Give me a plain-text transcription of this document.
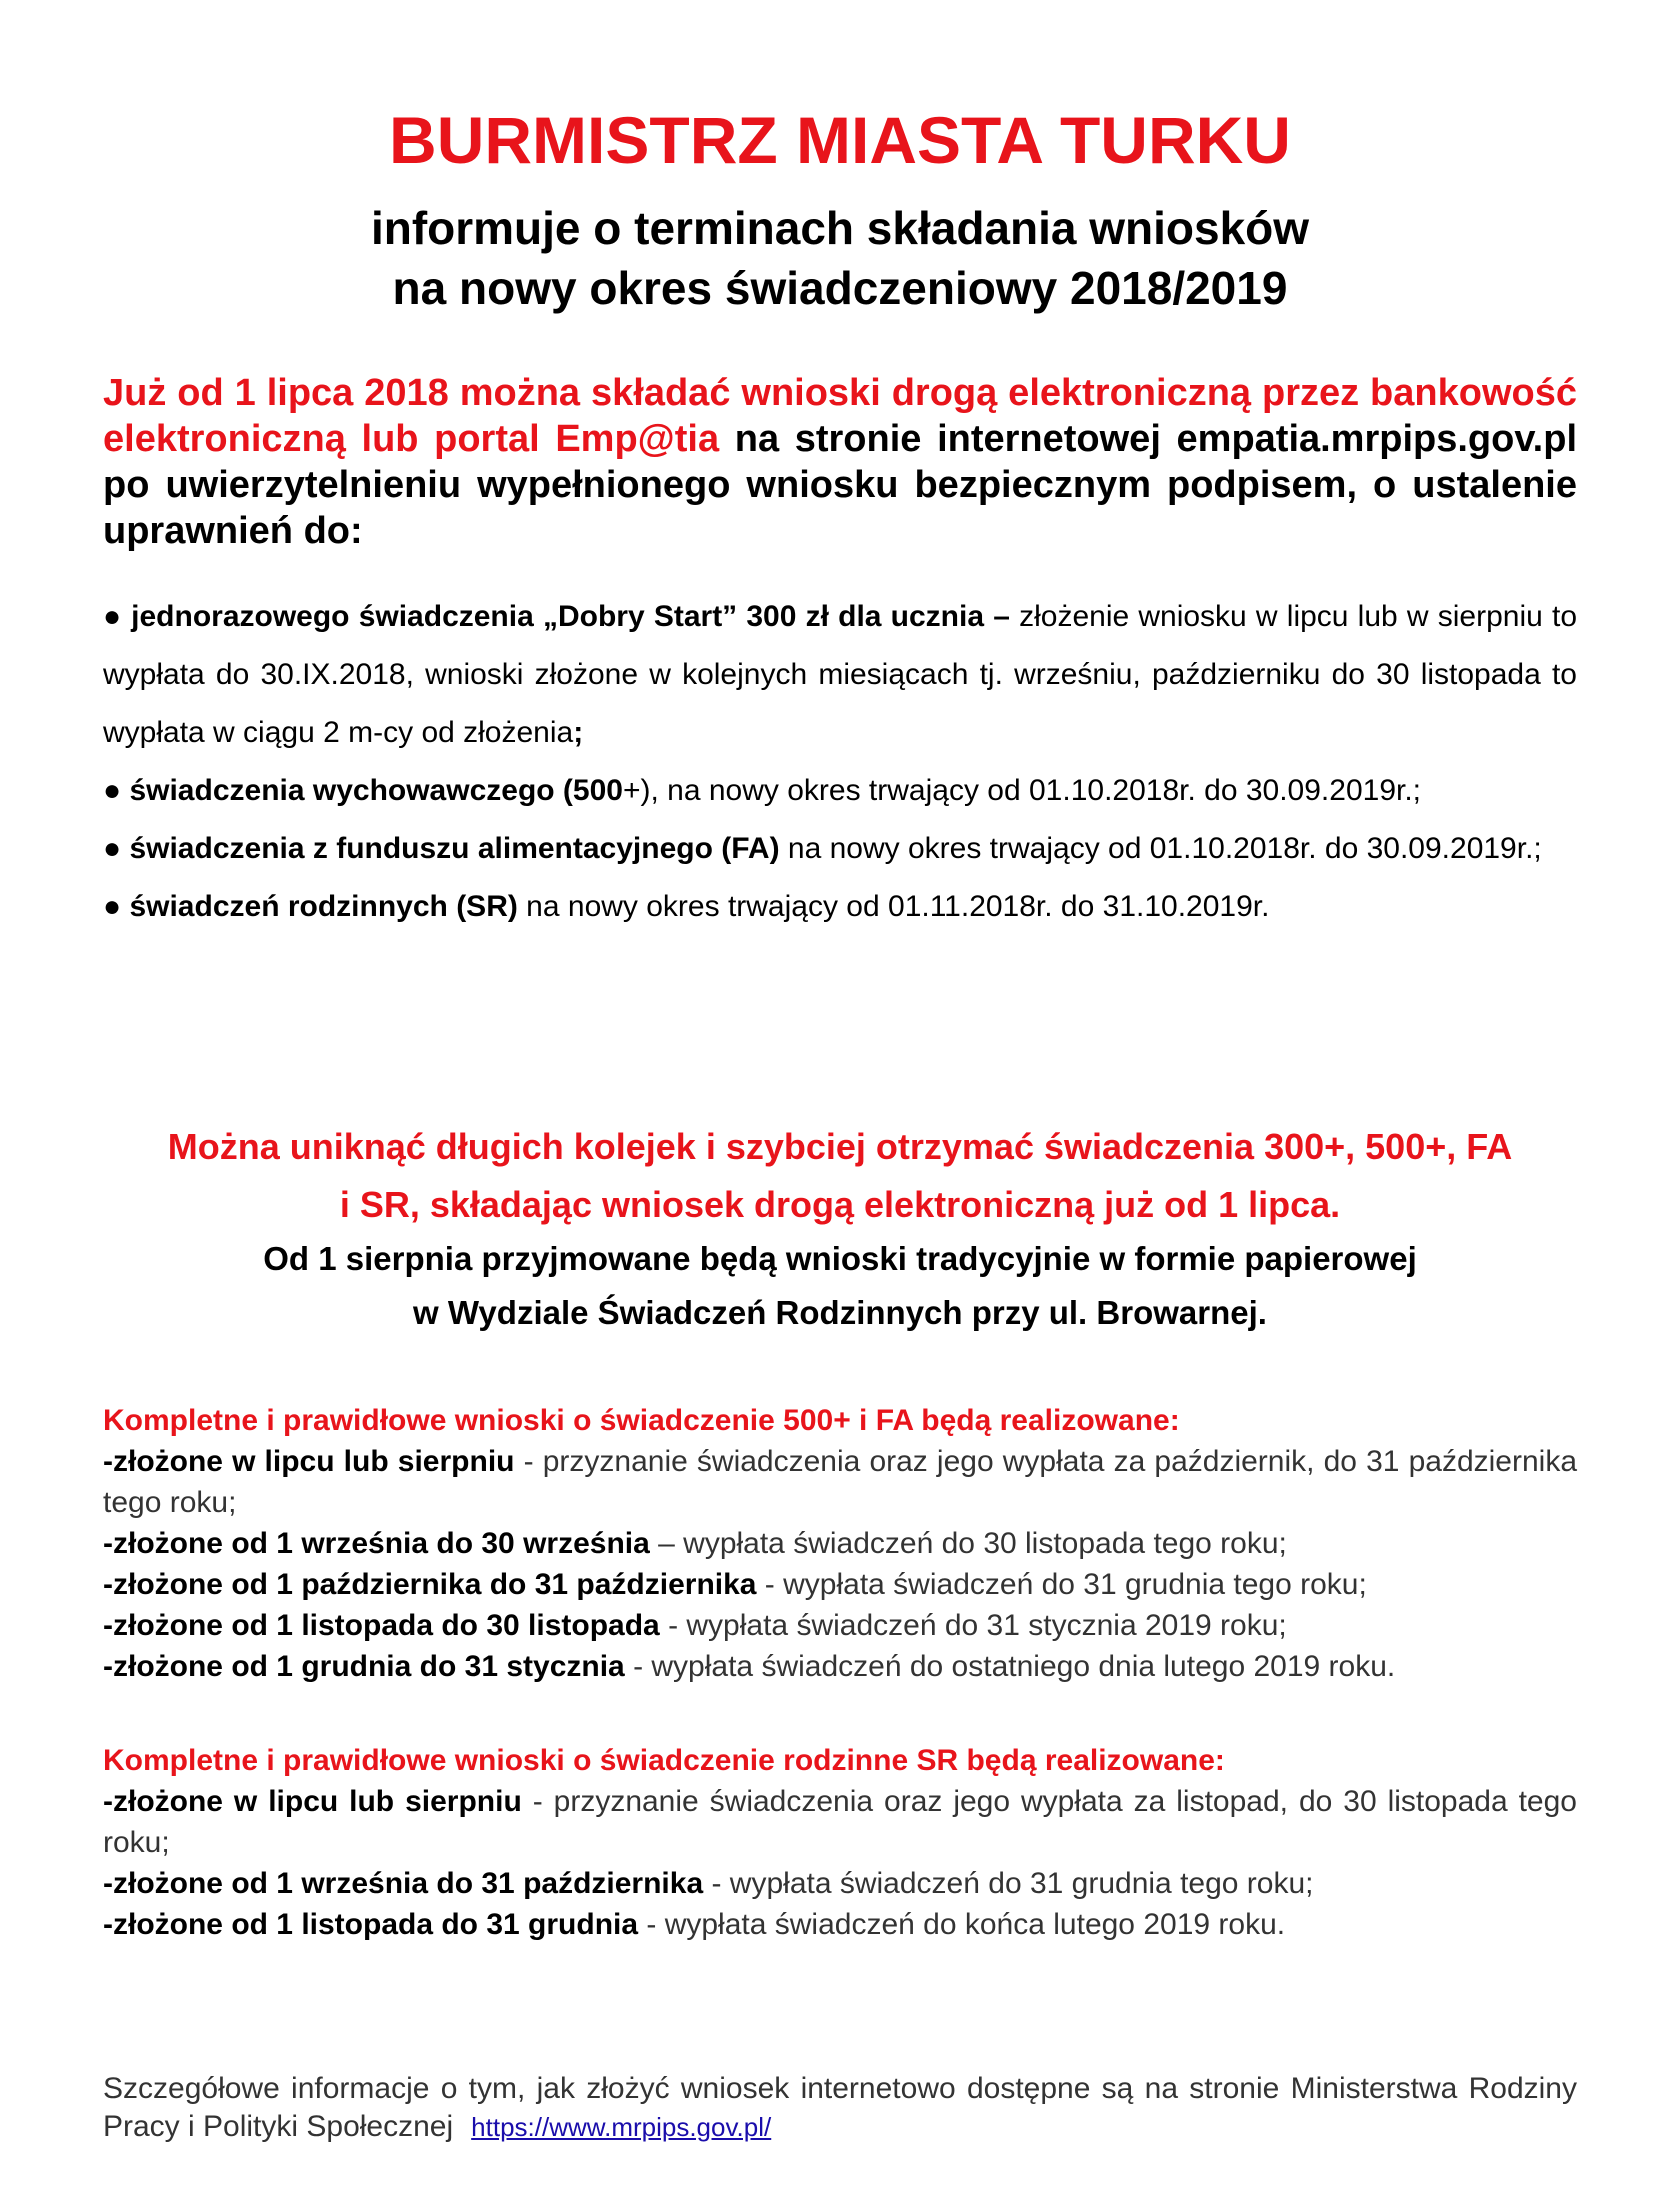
BURMISTRZ MIASTA TURKU
informuje o terminach składania wniosków
na nowy okres świadczeniowy 2018/2019
Już od 1 lipca 2018 można składać wnioski drogą elektroniczną przez bankowość elektroniczną lub portal Emp@tia na stronie internetowej empatia.mrpips.gov.pl po uwierzytelnieniu wypełnionego wniosku bezpiecznym podpisem, o ustalenie uprawnień do:

● jednorazowego świadczenia „Dobry Start” 300 zł dla ucznia – złożenie wniosku w lipcu lub w sierpniu to wypłata do 30.IX.2018, wnioski złożone w kolejnych miesiącach tj. wrześniu, październiku do 30 listopada to wypłata w ciągu 2 m-cy od złożenia;

● świadczenia wychowawczego (500+), na nowy okres trwający od 01.10.2018r. do 30.09.2019r.;

● świadczenia z funduszu alimentacyjnego (FA) na nowy okres trwający od 01.10.2018r. do 30.09.2019r.;

● świadczeń rodzinnych (SR) na nowy okres trwający od 01.11.2018r. do 31.10.2019r.

Można uniknąć długich kolejek i szybciej otrzymać świadczenia 300+, 500+, FA
i SR, składając wniosek drogą elektroniczną już od 1 lipca.
Od 1 sierpnia przyjmowane będą wnioski tradycyjnie w formie papierowej
w Wydziale Świadczeń Rodzinnych przy ul. Browarnej.

Kompletne i prawidłowe wnioski o świadczenie 500+ i FA będą realizowane:

-złożone w lipcu lub sierpniu - przyznanie świadczenia oraz jego wypłata za październik, do 31 października tego roku;

-złożone od 1 września do 30 września – wypłata świadczeń do 30 listopada tego roku;

-złożone od 1 października do 31 października - wypłata świadczeń do 31 grudnia tego roku;

-złożone od 1 listopada do 30 listopada - wypłata świadczeń do 31 stycznia 2019 roku;

-złożone od 1 grudnia do 31 stycznia - wypłata świadczeń do ostatniego dnia lutego 2019 roku.

Kompletne i prawidłowe wnioski o świadczenie rodzinne SR będą realizowane:

-złożone w lipcu lub sierpniu - przyznanie świadczenia oraz jego wypłata za listopad, do 30 listopada tego roku;

-złożone od 1 września do 31 października - wypłata świadczeń do 31 grudnia tego roku;

-złożone od 1 listopada do 31 grudnia - wypłata świadczeń do końca lutego 2019 roku.

Szczegółowe informacje o tym, jak złożyć wniosek internetowo dostępne są na stronie Ministerstwa Rodziny Pracy i Polityki Społecznej https://www.mrpips.gov.pl/
